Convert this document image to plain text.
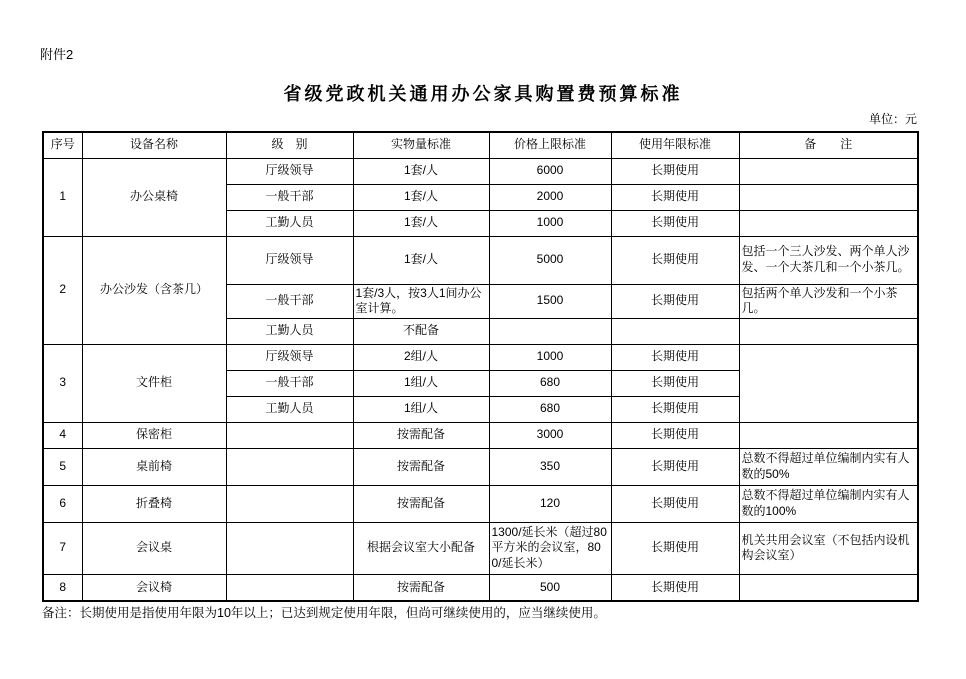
附件2
省级党政机关通用办公家具购置费预算标准
单位：元
序号	设备名称	级　别	实物量标准	价格上限标准	使用年限标准	备　　注
1	办公桌椅	厅级领导	1套/人	6000	长期使用	
		一般干部	1套/人	2000	长期使用	
		工勤人员	1套/人	1000	长期使用	
2	办公沙发（含茶几）	厅级领导	1套/人	5000	长期使用	包括一个三人沙发、两个单人沙发、一个大茶几和一个小茶几。
		一般干部	1套/3人，按3人1间办公室计算。	1500	长期使用	包括两个单人沙发和一个小茶几。
		工勤人员	不配备			
3	文件柜	厅级领导	2组/人	1000	长期使用	
		一般干部	1组/人	680	长期使用	
		工勤人员	1组/人	680	长期使用	
4	保密柜		按需配备	3000	长期使用	
5	桌前椅		按需配备	350	长期使用	总数不得超过单位编制内实有人数的50%
6	折叠椅		按需配备	120	长期使用	总数不得超过单位编制内实有人数的100%
7	会议桌		根据会议室大小配备	1300/延长米（超过80平方米的会议室，800/延长米）	长期使用	机关共用会议室（不包括内设机构会议室）
8	会议椅		按需配备	500	长期使用	
备注：长期使用是指使用年限为10年以上；已达到规定使用年限，但尚可继续使用的，应当继续使用。
